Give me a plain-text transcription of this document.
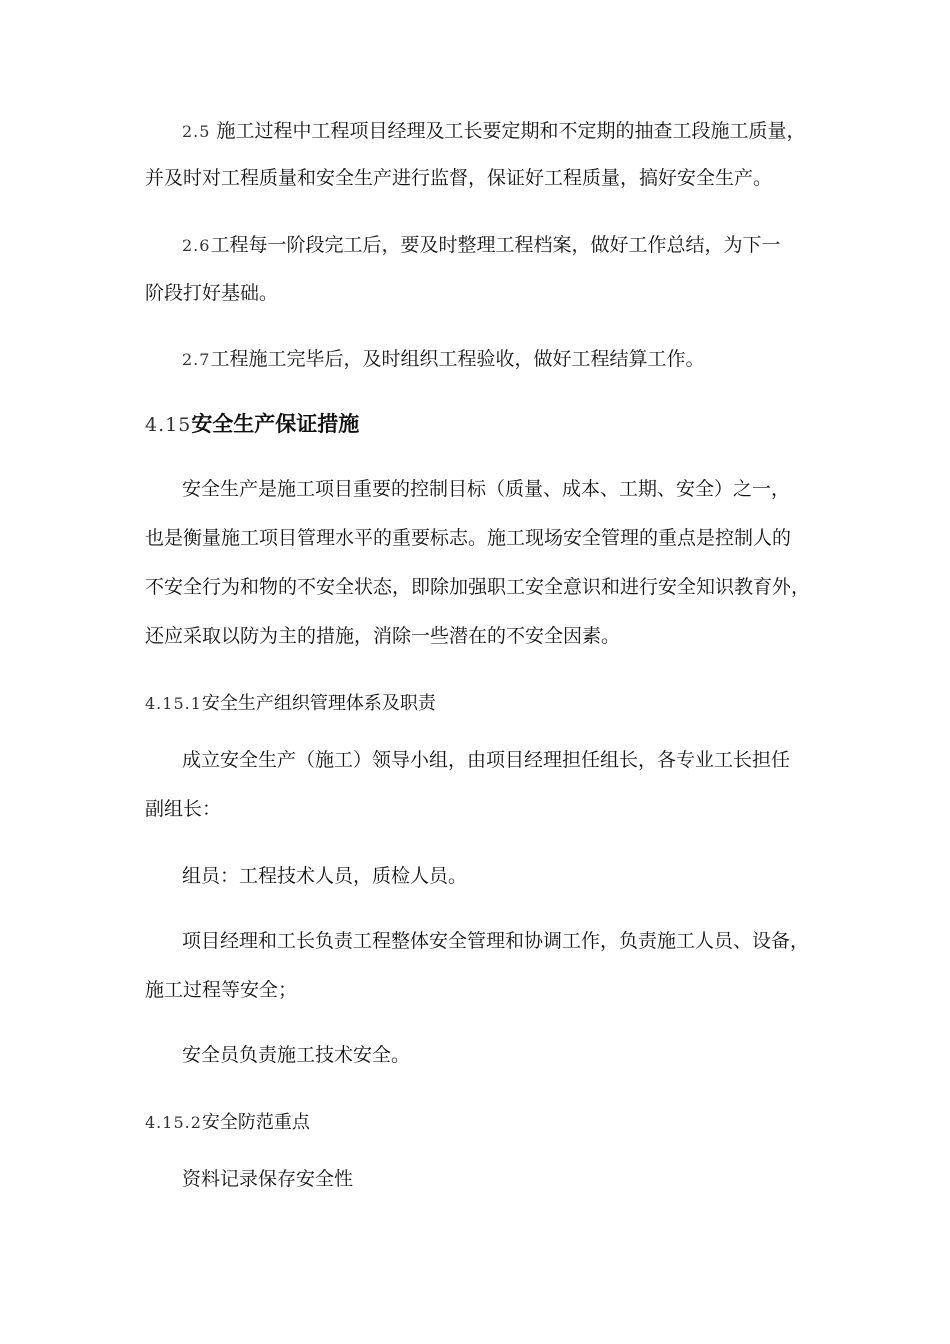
2.5 施工过程中工程项目经理及工长要定期和不定期的抽查工段施工质量，
并及时对工程质量和安全生产进行监督，保证好工程质量，搞好安全生产。
2.6工程每一阶段完工后，要及时整理工程档案，做好工作总结，为下一
阶段打好基础。
2.7工程施工完毕后，及时组织工程验收，做好工程结算工作。
4.15安全生产保证措施
安全生产是施工项目重要的控制目标（质量、成本、工期、安全）之一，
也是衡量施工项目管理水平的重要标志。施工现场安全管理的重点是控制人的
不安全行为和物的不安全状态，即除加强职工安全意识和进行安全知识教育外，
还应采取以防为主的措施，消除一些潜在的不安全因素。
4.15.1安全生产组织管理体系及职责
成立安全生产（施工）领导小组，由项目经理担任组长，各专业工长担任
副组长：
组员：工程技术人员，质检人员。
项目经理和工长负责工程整体安全管理和协调工作，负责施工人员、设备，
施工过程等安全；
安全员负责施工技术安全。
4.15.2安全防范重点
资料记录保存安全性
